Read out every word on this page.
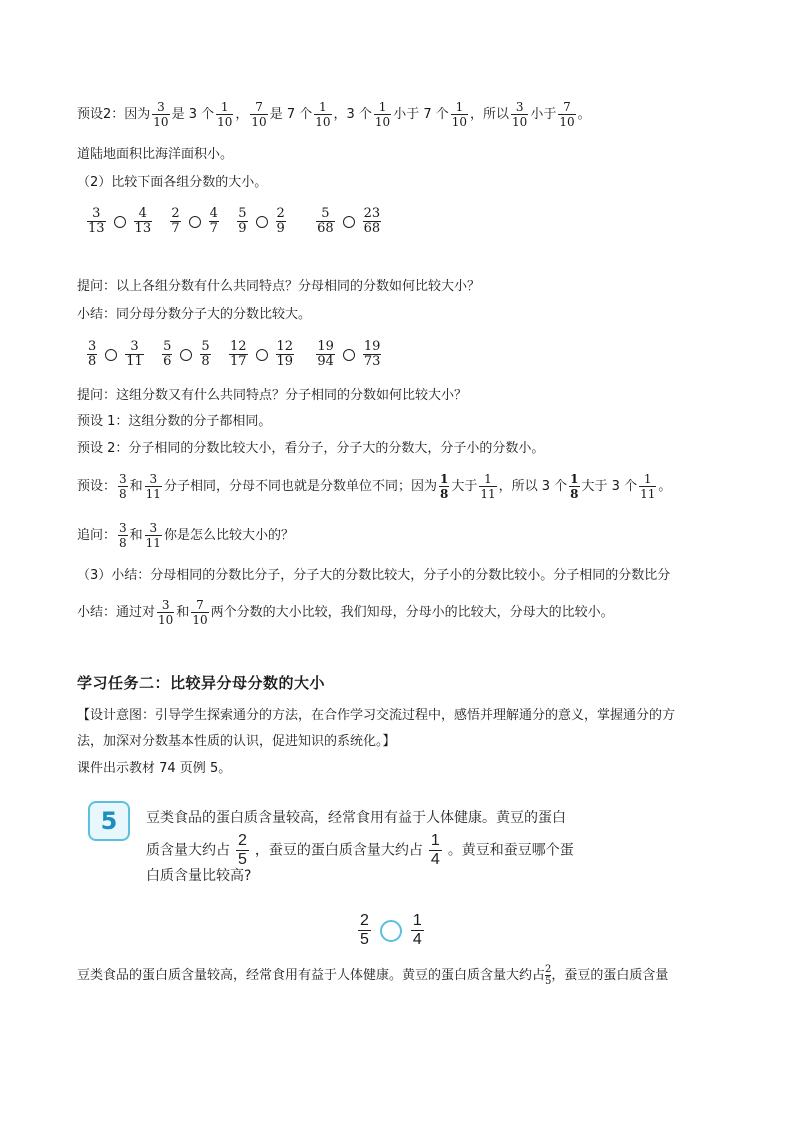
预设2：因为 $\frac{3}{10}$ 是 3 个 $\frac{1}{10}$ ， $\frac{7}{10}$ 是 7 个 $\frac{1}{10}$ ，3 个 $\frac{1}{10}$ 小于 7 个 $\frac{1}{10}$ ，所以 $\frac{3}{10}$ 小于 $\frac{7}{10}$ 。
道陆地面积比海洋面积小。
（2）比较下面各组分数的大小。
$\frac{3}{13} \frac{4}{13}$
$\frac{2}{7} \frac{4}{7}$
$\frac{5}{9} \frac{2}{9}$
$\frac{5}{68} \frac{23}{68}$
提问：以上各组分数有什么共同特点？分母相同的分数如何比较大小？
小结：同分母分数分子大的分数比较大。
$\frac{3}{8} \frac{3}{11}$
$\frac{5}{6} \frac{5}{8}$
$\frac{12}{17} \frac{12}{19}$
$\frac{19}{94} \frac{19}{73}$
提问：这组分数又有什么共同特点？分子相同的分数如何比较大小？
预设 1：这组分数的分子都相同。
预设 2：分子相同的分数比较大小，看分子，分子大的分数大，分子小的分数小。
预设： $\frac{3}{8}$ 和 $\frac{3}{11}$ 分子相同，分母不同也就是分数单位不同；因为 $\frac{1}{8}$ 大于 $\frac{1}{11}$ ，所以 3 个 $\frac{1}{8}$ 大于 3 个 $\frac{1}{11}$ 。
追问： $\frac{3}{8}$ 和 $\frac{3}{11}$ 你是怎么比较大小的？
（3）小结：分母相同的分数比分子，分子大的分数比较大，分子小的分数比较小。分子相同的分数比分
小结：通过对 $\frac{3}{10}$ 和 $\frac{7}{10}$ 两个分数的大小比较，我们知母，分母小的比较大，分母大的比较小。
学习任务二：比较异分母分数的大小
【设计意图：引导学生探索通分的方法，在合作学习交流过程中，感悟并理解通分的意义，掌握通分的方
法，加深对分数基本性质的认识，促进知识的系统化。】
课件出示教材 74 页例 5。
5	豆类食品的蛋白质含量较高，经常食用有益于人体健康。黄豆的蛋白
质含量大约占 $\frac{2}{5}$ ，蚕豆的蛋白质含量大约占 $\frac{1}{4}$ 。黄豆和蚕豆哪个蛋
白质含量比较高?
$\frac{2}{5}$	$\frac{1}{4}$
豆类食品的蛋白质含量较高，经常食用有益于人体健康。黄豆的蛋白质含量大约占 $\frac{2}{5}$ ，蚕豆的蛋白质含量
